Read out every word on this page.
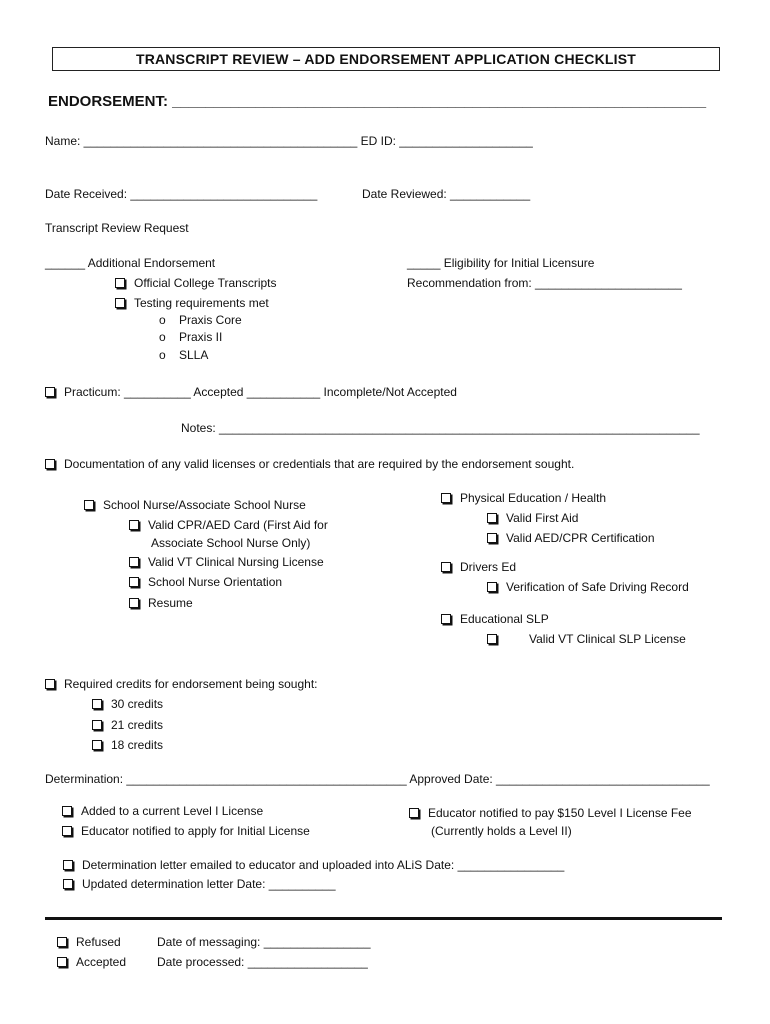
TRANSCRIPT REVIEW – ADD ENDORSEMENT APPLICATION CHECKLIST
ENDORSEMENT: ________________________________________________________________
Name: _________________________________________ ED ID: ____________________
Date Received: ____________________________	Date Reviewed: ____________
Transcript Review Request
______ Additional Endorsement
Official College Transcripts
Testing requirements met
o Praxis Core
o Praxis II
o SLLA
_____ Eligibility for Initial Licensure
Recommendation from: ______________________
Practicum: __________ Accepted ___________ Incomplete/Not Accepted
Notes: ________________________________________________________________________
Documentation of any valid licenses or credentials that are required by the endorsement sought.
School Nurse/Associate School Nurse
Valid CPR/AED Card (First Aid for
Associate School Nurse Only)
Valid VT Clinical Nursing License
School Nurse Orientation
Resume
Physical Education / Health
Valid First Aid
Valid AED/CPR Certification
Drivers Ed
Verification of Safe Driving Record
Educational SLP
Valid VT Clinical SLP License
Required credits for endorsement being sought:
30 credits
21 credits
18 credits
Determination: __________________________________________ Approved Date: ________________________________
Added to a current Level I License
Educator notified to apply for Initial License
Educator notified to pay $150 Level I License Fee
(Currently holds a Level II)
Determination letter emailed to educator and uploaded into ALiS Date: ________________
Updated determination letter Date: __________
Refused
Accepted
Date of messaging: ________________
Date processed: __________________
